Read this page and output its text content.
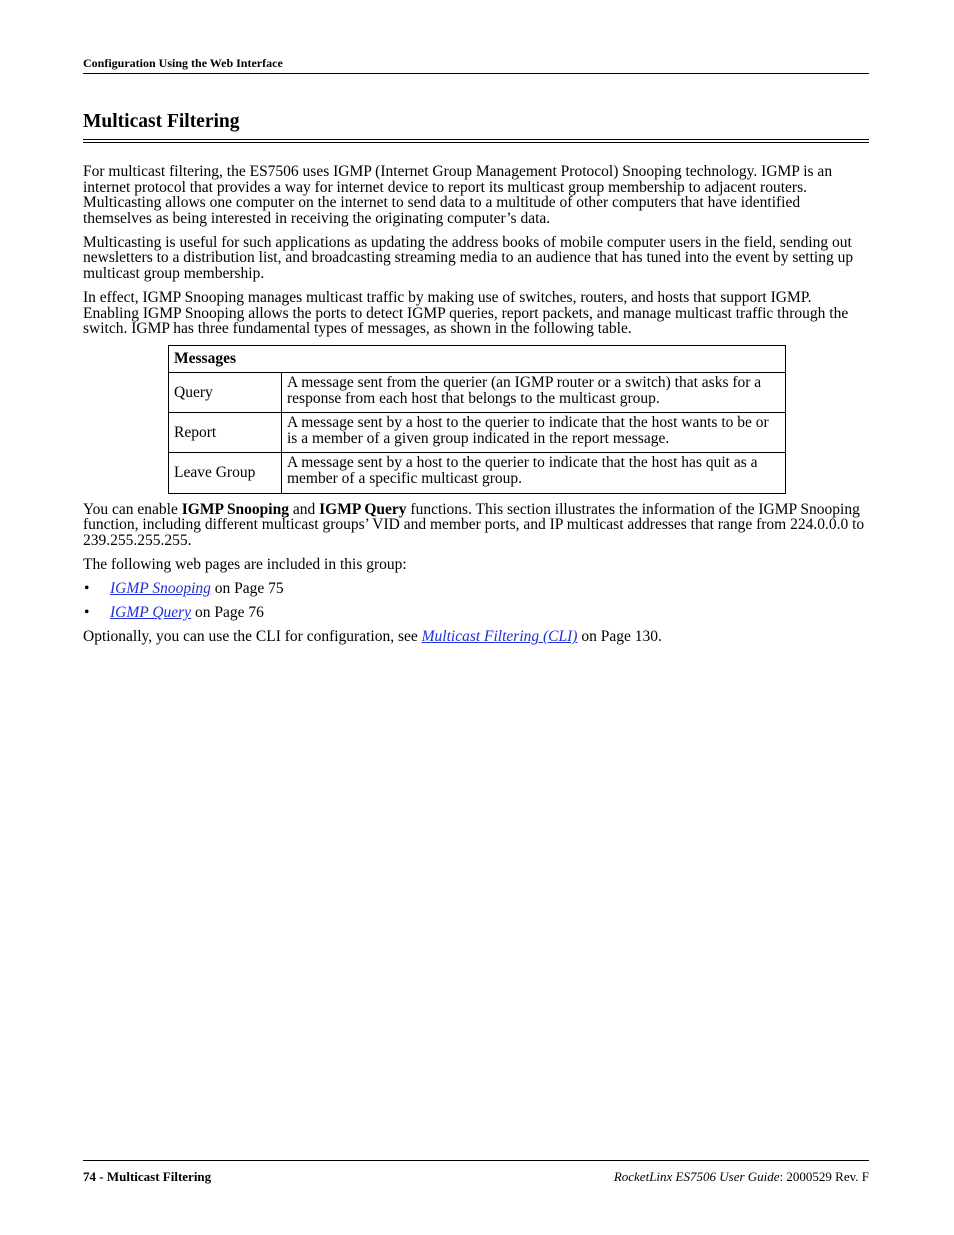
Configuration Using the Web Interface
Multicast Filtering

For multicast filtering, the ES7506 uses IGMP (Internet Group Management Protocol) Snooping technology. IGMP is an internet protocol that provides a way for internet device to report its multicast group membership to adjacent routers. Multicasting allows one computer on the internet to send data to a multitude of other computers that have identified themselves as being interested in receiving the originating computer’s data.

Multicasting is useful for such applications as updating the address books of mobile computer users in the field, sending out newsletters to a distribution list, and broadcasting streaming media to an audience that has tuned into the event by setting up multicast group membership.

In effect, IGMP Snooping manages multicast traffic by making use of switches, routers, and hosts that support IGMP. Enabling IGMP Snooping allows the ports to detect IGMP queries, report packets, and manage multicast traffic through the switch. IGMP has three fundamental types of messages, as shown in the following table.

Messages	
Query	A message sent from the querier (an IGMP router or a switch) that asks for a response from each host that belongs to the multicast group.
Report	A message sent by a host to the querier to indicate that the host wants to be or is a member of a given group indicated in the report message.
Leave Group	A message sent by a host to the querier to indicate that the host has quit as a member of a specific multicast group.

You can enable IGMP Snooping and IGMP Query functions. This section illustrates the information of the IGMP Snooping function, including different multicast groups’ VID and member ports, and IP multicast addresses that range from 224.0.0.0 to 239.255.255.255.

The following web pages are included in this group:

• IGMP Snooping on Page 75
• IGMP Query on Page 76

Optionally, you can use the CLI for configuration, see Multicast Filtering (CLI) on Page 130.

74 - Multicast Filtering	RocketLinx ES7506 User Guide: 2000529 Rev. F
